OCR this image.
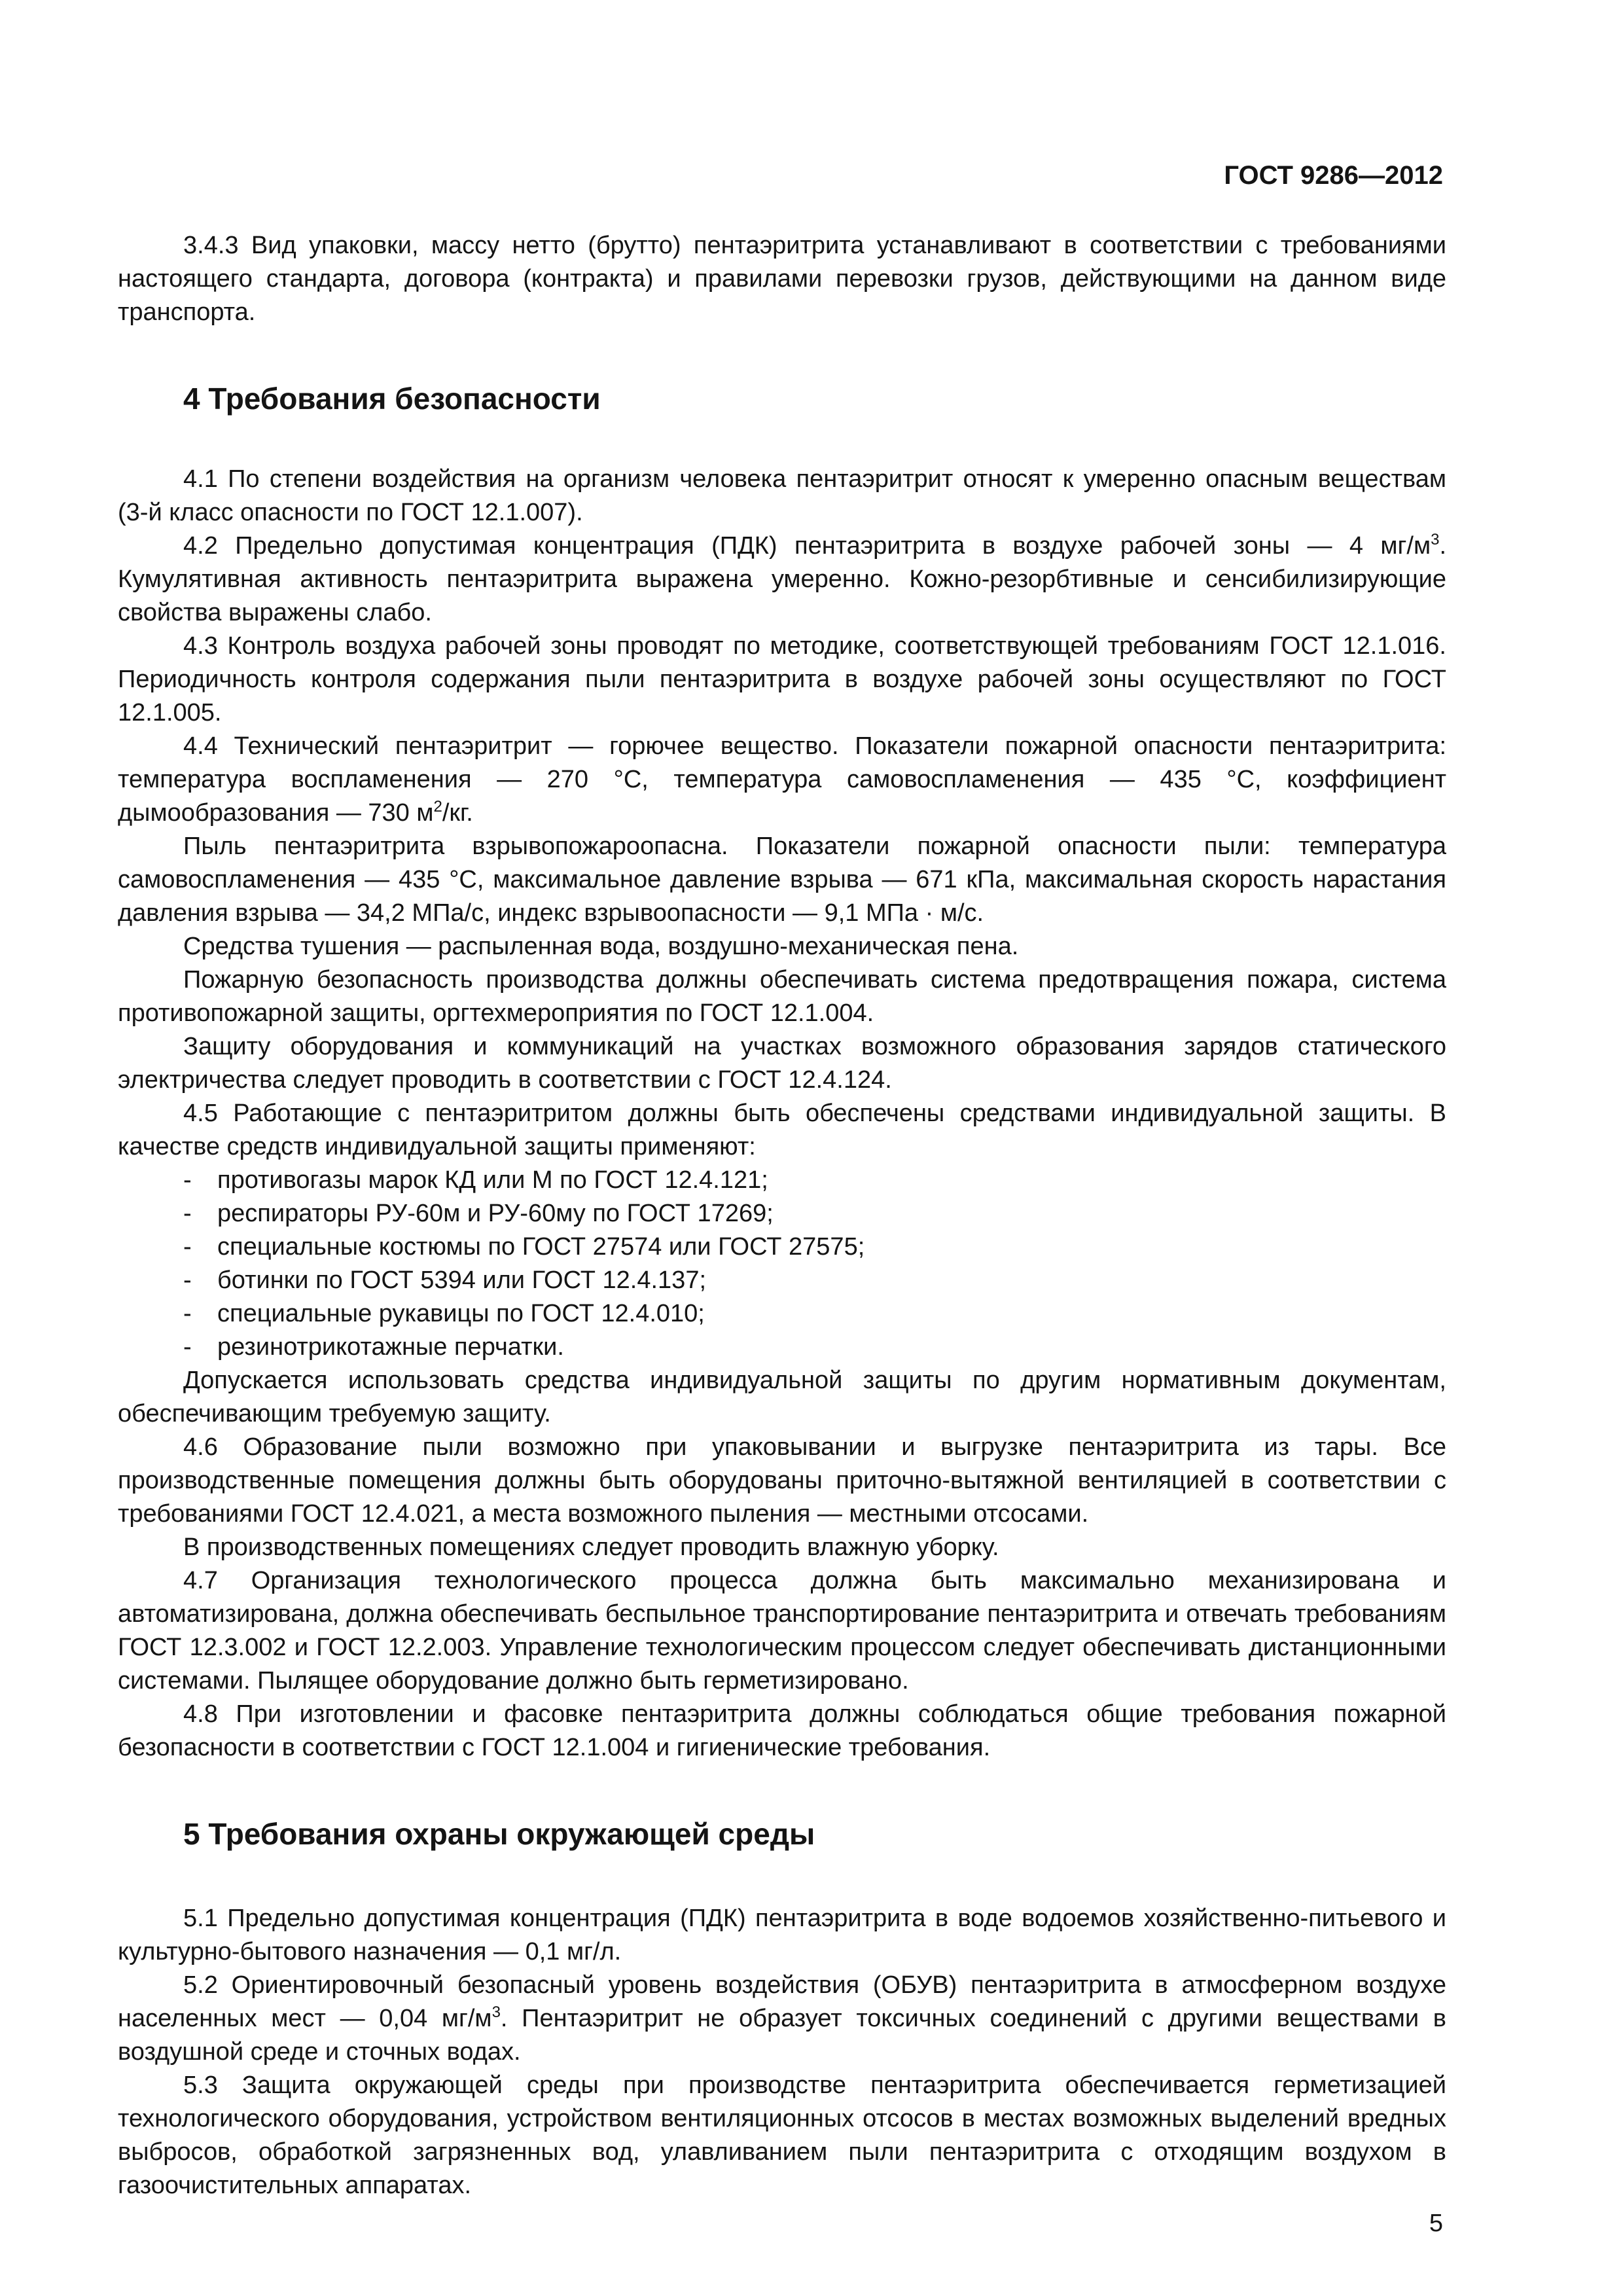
ГОСТ 9286—2012

3.4.3 Вид упаковки, массу нетто (брутто) пентаэритрита устанавливают в соответствии с требованиями настоящего стандарта, договора (контракта) и правилами перевозки грузов, действующими на данном виде транспорта.

4 Требования безопасности

4.1 По степени воздействия на организм человека пентаэритрит относят к умеренно опасным веществам (3-й класс опасности по ГОСТ 12.1.007).

4.2 Предельно допустимая концентрация (ПДК) пентаэритрита в воздухе рабочей зоны — 4 $мг/м^3$. Кумулятивная активность пентаэритрита выражена умеренно. Кожно-резорбтивные и сенсибилизирующие свойства выражены слабо.

4.3 Контроль воздуха рабочей зоны проводят по методике, соответствующей требованиям ГОСТ 12.1.016. Периодичность контроля содержания пыли пентаэритрита в воздухе рабочей зоны осуществляют по ГОСТ 12.1.005.

4.4 Технический пентаэритрит — горючее вещество. Показатели пожарной опасности пентаэритрита: температура воспламенения — 270 °С, температура самовоспламенения — 435 °С, коэффициент дымообразования — 730 $м^2/кг$.

Пыль пентаэритрита взрывопожароопасна. Показатели пожарной опасности пыли: температура самовоспламенения — 435 °С, максимальное давление взрыва — 671 кПа, максимальная скорость нарастания давления взрыва — 34,2 МПа/с, индекс взрывоопасности — 9,1 МПа · м/с.

Средства тушения — распыленная вода, воздушно-механическая пена.

Пожарную безопасность производства должны обеспечивать система предотвращения пожара, система противопожарной защиты, оргтехмероприятия по ГОСТ 12.1.004.

Защиту оборудования и коммуникаций на участках возможного образования зарядов статического электричества следует проводить в соответствии с ГОСТ 12.4.124.

4.5 Работающие с пентаэритритом должны быть обеспечены средствами индивидуальной защиты. В качестве средств индивидуальной защиты применяют:

- противогазы марок КД или М по ГОСТ 12.4.121;
- респираторы РУ-60м и РУ-60му по ГОСТ 17269;
- специальные костюмы по ГОСТ 27574 или ГОСТ 27575;
- ботинки по ГОСТ 5394 или ГОСТ 12.4.137;
- специальные рукавицы по ГОСТ 12.4.010;
- резинотрикотажные перчатки.

Допускается использовать средства индивидуальной защиты по другим нормативным документам, обеспечивающим требуемую защиту.

4.6 Образование пыли возможно при упаковывании и выгрузке пентаэритрита из тары. Все производственные помещения должны быть оборудованы приточно-вытяжной вентиляцией в соответствии с требованиями ГОСТ 12.4.021, а места возможного пыления — местными отсосами.

В производственных помещениях следует проводить влажную уборку.

4.7 Организация технологического процесса должна быть максимально механизирована и автоматизирована, должна обеспечивать беспыльное транспортирование пентаэритрита и отвечать требованиям ГОСТ 12.3.002 и ГОСТ 12.2.003. Управление технологическим процессом следует обеспечивать дистанционными системами. Пылящее оборудование должно быть герметизировано.

4.8 При изготовлении и фасовке пентаэритрита должны соблюдаться общие требования пожарной безопасности в соответствии с ГОСТ 12.1.004 и гигиенические требования.

5 Требования охраны окружающей среды

5.1 Предельно допустимая концентрация (ПДК) пентаэритрита в воде водоемов хозяйственно-питьевого и культурно-бытового назначения — 0,1 мг/л.

5.2 Ориентировочный безопасный уровень воздействия (ОБУВ) пентаэритрита в атмосферном воздухе населенных мест — 0,04 $мг/м^3$. Пентаэритрит не образует токсичных соединений с другими веществами в воздушной среде и сточных водах.

5.3 Защита окружающей среды при производстве пентаэритрита обеспечивается герметизацией технологического оборудования, устройством вентиляционных отсосов в местах возможных выделений вредных выбросов, обработкой загрязненных вод, улавливанием пыли пентаэритрита с отходящим воздухом в газоочистительных аппаратах.

5
